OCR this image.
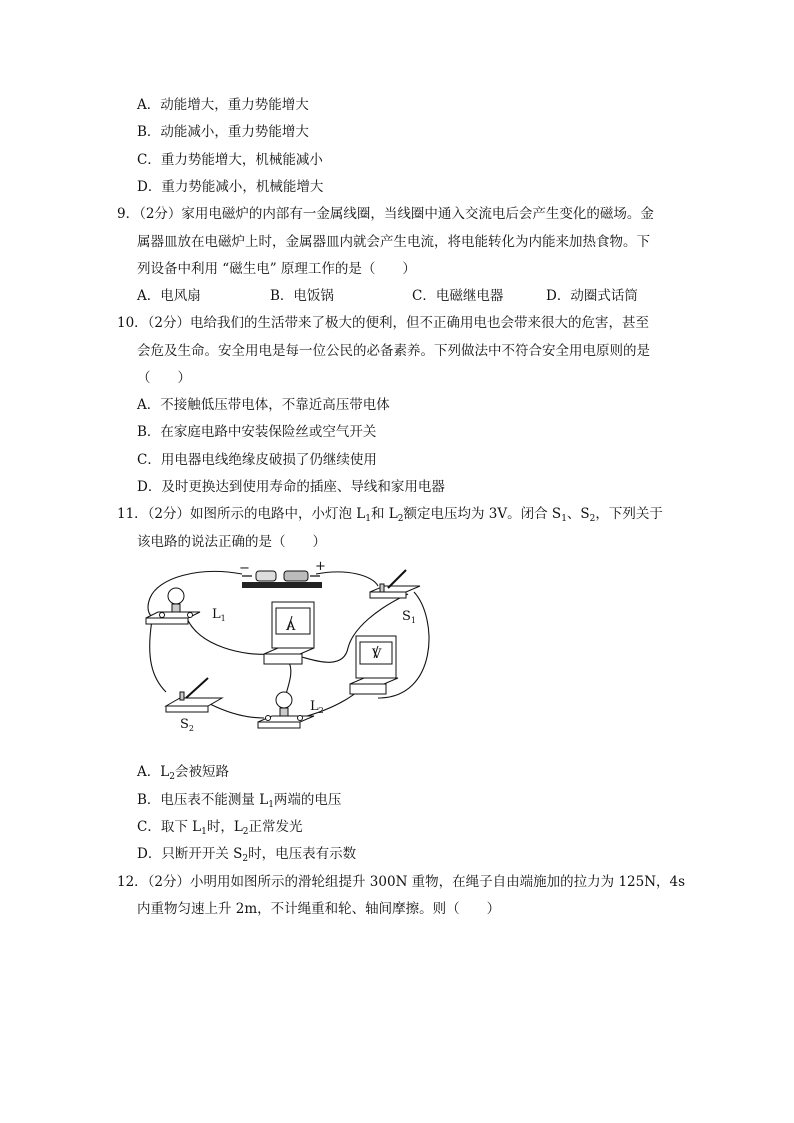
A．动能增大，重力势能增大
B．动能减小，重力势能增大
C．重力势能增大，机械能减小
D．重力势能减小，机械能增大
9．（2分）家用电磁炉的内部有一金属线圈，当线圈中通入交流电后会产生变化的磁场。金
属器皿放在电磁炉上时，金属器皿内就会产生电流，将电能转化为内能来加热食物。下
列设备中利用 “磁生电” 原理工作的是（　　）
A．电风扇	B．电饭锅	C．电磁继电器	D．动圈式话筒
10．（2分）电给我们的生活带来了极大的便利，但不正确用电也会带来很大的危害，甚至
会危及生命。安全用电是每一位公民的必备素养。下列做法中不符合安全用电原则的是
（　　）
A．不接触低压带电体，不靠近高压带电体
B．在家庭电路中安装保险丝或空气开关
C．用电器电线绝缘皮破损了仍继续使用
D．及时更换达到使用寿命的插座、导线和家用电器
11．（2分）如图所示的电路中，小灯泡 $L_1$和 $L_2$额定电压均为 3V。闭合 $S_1$、$S_2$，下列关于
该电路的说法正确的是（　　）
−	+
$L_1$	$S_1$
A
V
$S_2$
$L_2$
A．$L_2$会被短路
B．电压表不能测量 $L_1$两端的电压
C．取下 $L_1$时，$L_2$正常发光
D．只断开开关 $S_2$时，电压表有示数
12．（2分）小明用如图所示的滑轮组提升 300N 重物，在绳子自由端施加的拉力为 125N，4s
内重物匀速上升 2m，不计绳重和轮、轴间摩擦。则（　　）
